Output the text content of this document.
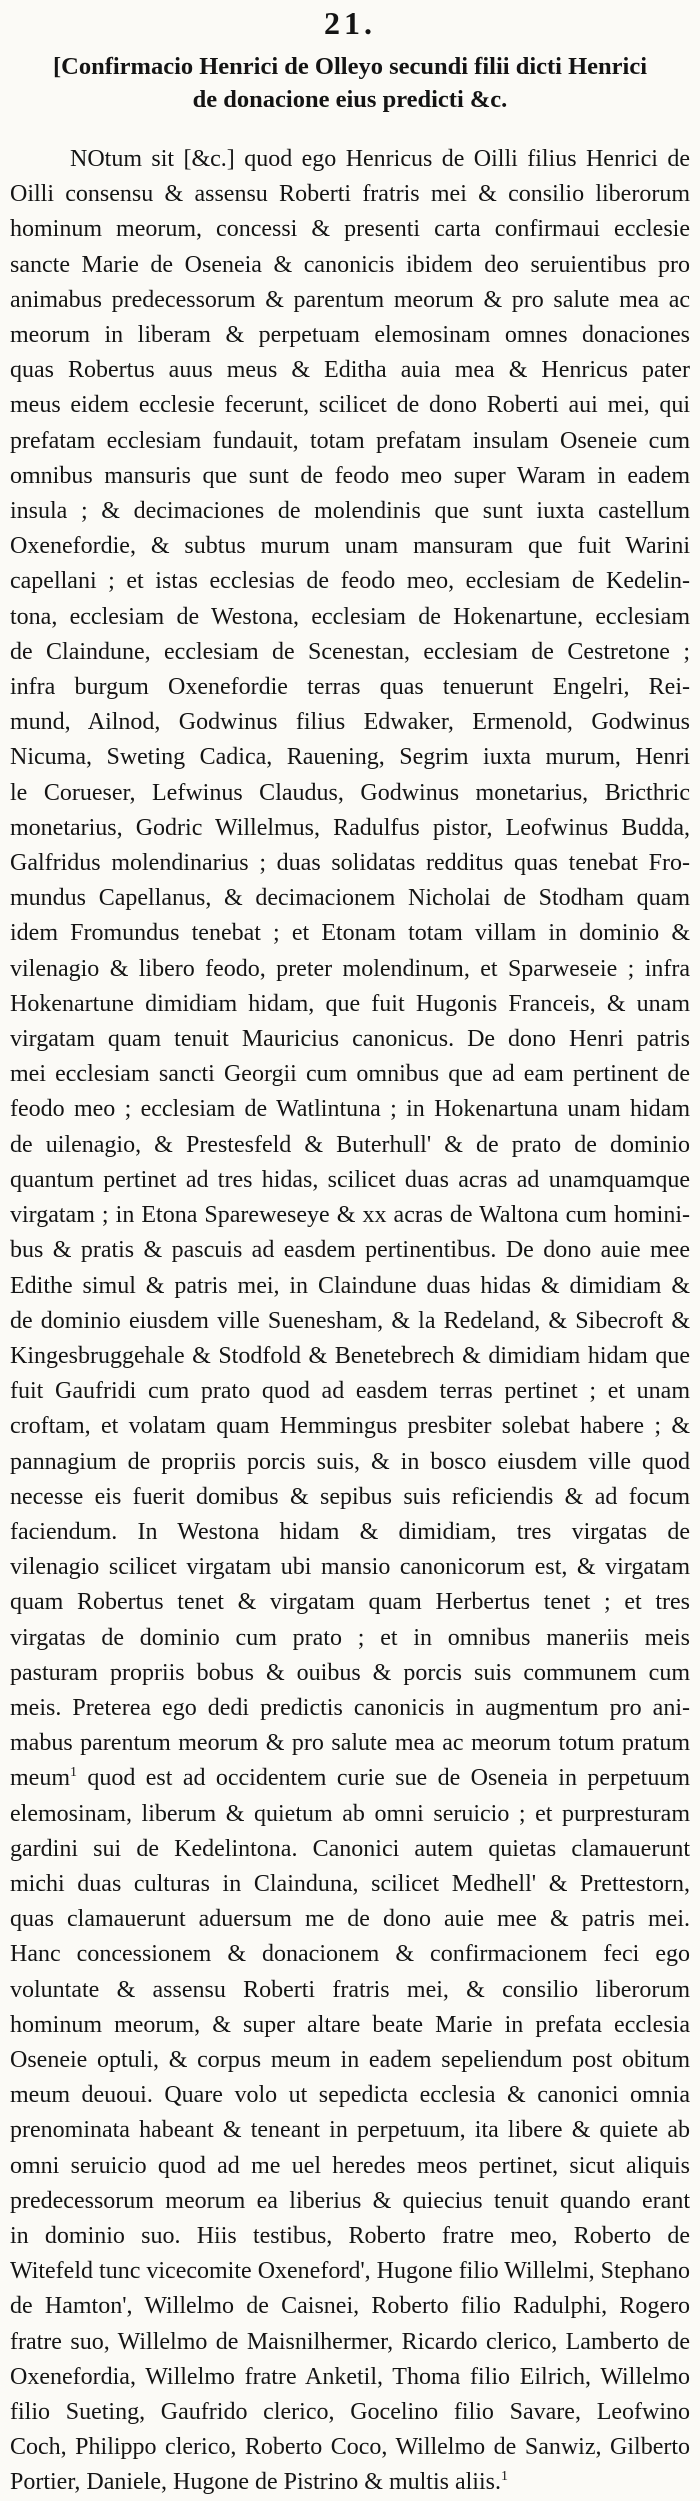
21.
[Confirmacio Henrici de Olleyo secundi filii dicti Henrici
de donacione eius predicti &c.
NOtum sit [&c.] quod ego Henricus de Oilli filius Henrici de
Oilli consensu & assensu Roberti fratris mei & consilio liberorum
hominum meorum, concessi & presenti carta confirmaui ecclesie
sancte Marie de Oseneia & canonicis ibidem deo seruientibus pro
animabus predecessorum & parentum meorum & pro salute mea ac
meorum in liberam & perpetuam elemosinam omnes donaciones
quas Robertus auus meus & Editha auia mea & Henricus pater
meus eidem ecclesie fecerunt, scilicet de dono Roberti aui mei, qui
prefatam ecclesiam fundauit, totam prefatam insulam Oseneie cum
omnibus mansuris que sunt de feodo meo super Waram in eadem
insula ; & decimaciones de molendinis que sunt iuxta castellum
Oxenefordie, & subtus murum unam mansuram que fuit Warini
capellani ; et istas ecclesias de feodo meo, ecclesiam de Kedelin-
tona, ecclesiam de Westona, ecclesiam de Hokenartune, ecclesiam
de Claindune, ecclesiam de Scenestan, ecclesiam de Cestretone ;
infra burgum Oxenefordie terras quas tenuerunt Engelri, Rei-
mund, Ailnod, Godwinus filius Edwaker, Ermenold, Godwinus
Nicuma, Sweting Cadica, Rauening, Segrim iuxta murum, Henri
le Corueser, Lefwinus Claudus, Godwinus monetarius, Bricthric
monetarius, Godric Willelmus, Radulfus pistor, Leofwinus Budda,
Galfridus molendinarius ; duas solidatas redditus quas tenebat Fro-
mundus Capellanus, & decimacionem Nicholai de Stodham quam
idem Fromundus tenebat ; et Etonam totam villam in dominio &
vilenagio & libero feodo, preter molendinum, et Sparweseie ; infra
Hokenartune dimidiam hidam, que fuit Hugonis Franceis, & unam
virgatam quam tenuit Mauricius canonicus. De dono Henri patris
mei ecclesiam sancti Georgii cum omnibus que ad eam pertinent de
feodo meo ; ecclesiam de Watlintuna ; in Hokenartuna unam hidam
de uilenagio, & Prestesfeld & Buterhull' & de prato de dominio
quantum pertinet ad tres hidas, scilicet duas acras ad unamquamque
virgatam ; in Etona Spareweseye & xx acras de Waltona cum homini-
bus & pratis & pascuis ad easdem pertinentibus. De dono auie mee
Edithe simul & patris mei, in Claindune duas hidas & dimidiam &
de dominio eiusdem ville Suenesham, & la Redeland, & Sibecroft &
Kingesbruggehale & Stodfold & Benetebrech & dimidiam hidam que
fuit Gaufridi cum prato quod ad easdem terras pertinet ; et unam
croftam, et volatam quam Hemmingus presbiter solebat habere ; &
pannagium de propriis porcis suis, & in bosco eiusdem ville quod
necesse eis fuerit domibus & sepibus suis reficiendis & ad focum
faciendum. In Westona hidam & dimidiam, tres virgatas de
vilenagio scilicet virgatam ubi mansio canonicorum est, & virgatam
quam Robertus tenet & virgatam quam Herbertus tenet ; et tres
virgatas de dominio cum prato ; et in omnibus maneriis meis
pasturam propriis bobus & ouibus & porcis suis communem cum
meis. Preterea ego dedi predictis canonicis in augmentum pro ani-
mabus parentum meorum & pro salute mea ac meorum totum pratum
meum$^1$ quod est ad occidentem curie sue de Oseneia in perpetuum
elemosinam, liberum & quietum ab omni seruicio ; et purpresturam
gardini sui de Kedelintona. Canonici autem quietas clamauerunt
michi duas culturas in Clainduna, scilicet Medhell' & Prettestorn,
quas clamauerunt aduersum me de dono auie mee & patris mei.
Hanc concessionem & donacionem & confirmacionem feci ego
voluntate & assensu Roberti fratris mei, & consilio liberorum
hominum meorum, & super altare beate Marie in prefata ecclesia
Oseneie optuli, & corpus meum in eadem sepeliendum post obitum
meum deuoui. Quare volo ut sepedicta ecclesia & canonici omnia
prenominata habeant & teneant in perpetuum, ita libere & quiete ab
omni seruicio quod ad me uel heredes meos pertinet, sicut aliquis
predecessorum meorum ea liberius & quiecius tenuit quando erant
in dominio suo. Hiis testibus, Roberto fratre meo, Roberto de
Witefeld tunc vicecomite Oxeneford', Hugone filio Willelmi, Stephano
de Hamton', Willelmo de Caisnei, Roberto filio Radulphi, Rogero
fratre suo, Willelmo de Maisnilhermer, Ricardo clerico, Lamberto de
Oxenefordia, Willelmo fratre Anketil, Thoma filio Eilrich, Willelmo
filio Sueting, Gaufrido clerico, Gocelino filio Savare, Leofwino
Coch, Philippo clerico, Roberto Coco, Willelmo de Sanwiz, Gilberto
Portier, Daniele, Hugone de Pistrino & multis aliis.$^1$
